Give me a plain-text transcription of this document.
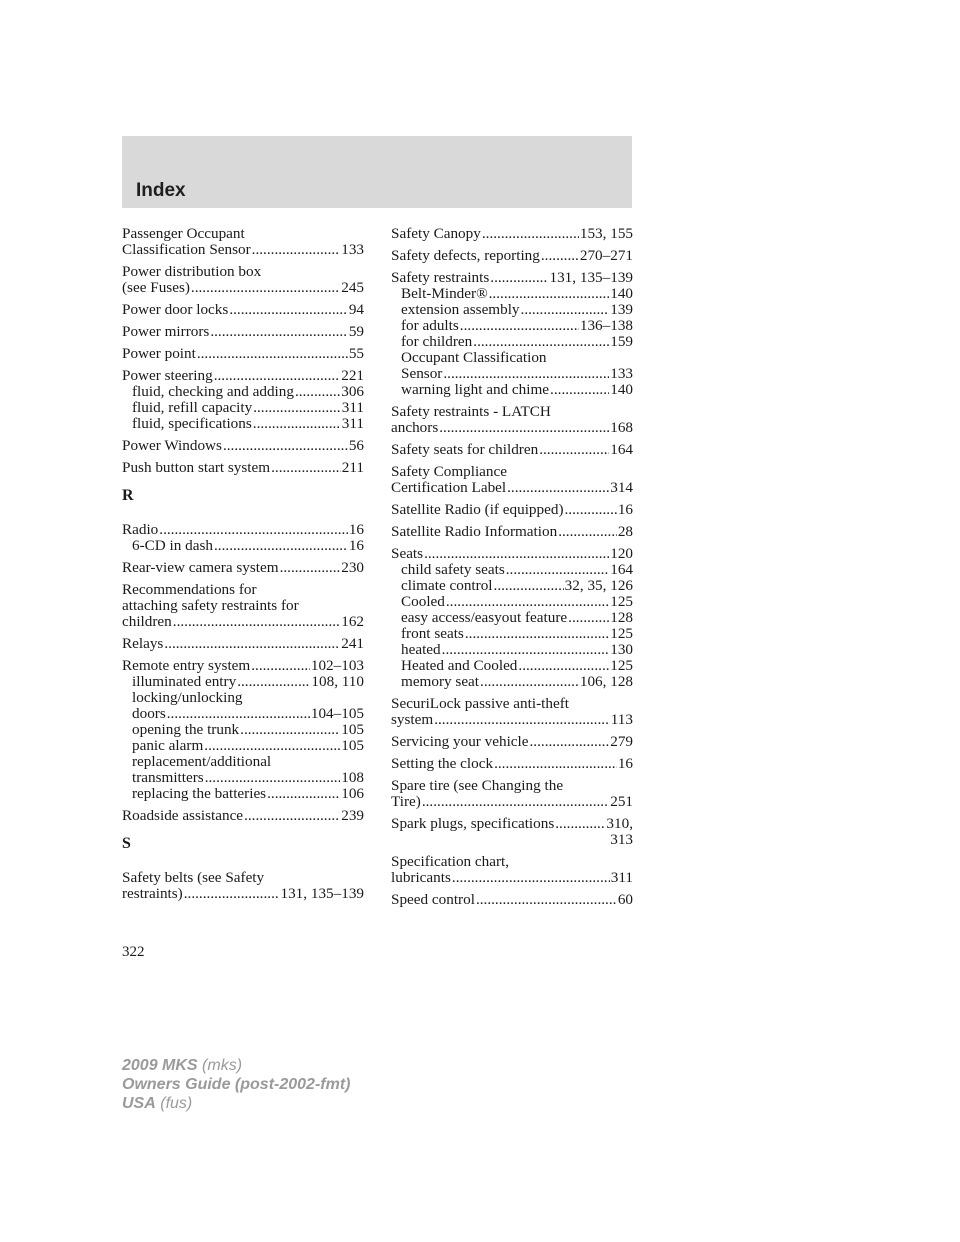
Index
Passenger Occupant
Classification Sensor .....	133
Power distribution box
(see Fuses) .....	245
Power door locks .....	94
Power mirrors .....	59
Power point .....	55
Power steering .....	221
fluid, checking and adding .....	306
fluid, refill capacity .....	311
fluid, specifications .....	311
Power Windows .....	56
Push button start system .....	211
R
Radio .....	16
6-CD in dash .....	16
Rear-view camera system .....	230
Recommendations for
attaching safety restraints for
children .....	162
Relays .....	241
Remote entry system .....	102–103
illuminated entry .....	108, 110
locking/unlocking
doors .....	104–105
opening the trunk .....	105
panic alarm .....	105
replacement/additional
transmitters .....	108
replacing the batteries .....	106
Roadside assistance .....	239
S
Safety belts (see Safety
restraints) .....	131, 135–139
Safety Canopy .....	153, 155
Safety defects, reporting .....	270–271
Safety restraints .....	131, 135–139
Belt-Minder® .....	140
extension assembly .....	139
for adults .....	136–138
for children .....	159
Occupant Classification
Sensor .....	133
warning light and chime .....	140
Safety restraints - LATCH
anchors .....	168
Safety seats for children .....	164
Safety Compliance
Certification Label .....	314
Satellite Radio (if equipped) .....	16
Satellite Radio Information .....	28
Seats .....	120
child safety seats .....	164
climate control .....	32, 35, 126
Cooled .....	125
easy access/easyout feature .....	128
front seats .....	125
heated .....	130
Heated and Cooled .....	125
memory seat .....	106, 128
SecuriLock passive anti-theft
system .....	113
Servicing your vehicle .....	279
Setting the clock .....	16
Spare tire (see Changing the
Tire) .....	251
Spark plugs, specifications .....	310,
313
Specification chart,
lubricants .....	311
Speed control .....	60
322
2009 MKS (mks)
Owners Guide (post-2002-fmt)
USA (fus)
